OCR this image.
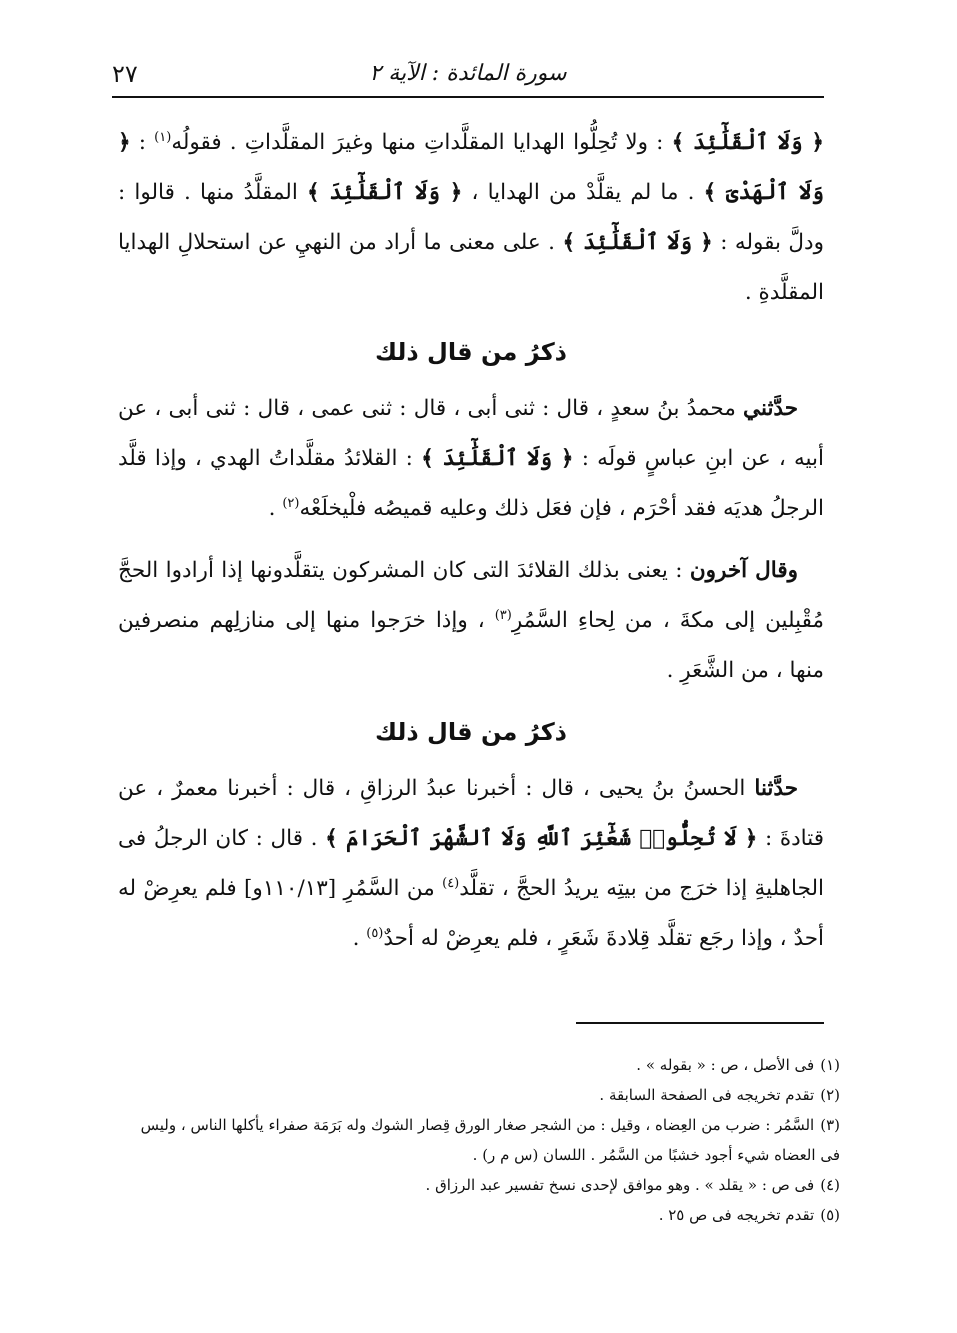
سورة المائدة : الآية ٢
٢٧

﴿ وَلَا ٱلْقَلَٰٓئِدَ ﴾ : ولا تُحِلُّوا الهدايا المقلَّداتِ منها وغيرَ المقلَّداتِ . فقولُه$^{(١)}$ : ﴿ وَلَا ٱلْهَدْىَ ﴾ . ما لم يقلَّدْ من الهدايا ، ﴿ وَلَا ٱلْقَلَٰٓئِدَ ﴾ المقلَّدُ منها . قالوا : ودلَّ بقوله : ﴿ وَلَا ٱلْقَلَٰٓئِدَ ﴾ . على معنى ما أراد من النهيِ عن استحلالِ الهدايا المقلَّدةِ .

ذكرُ من قال ذلك

حدَّثني محمدُ بنُ سعدٍ ، قال : ثنى أبى ، قال : ثنى عمى ، قال : ثنى أبى ، عن أبيه ، عن ابنِ عباسٍ قولَه : ﴿ وَلَا ٱلْقَلَٰٓئِدَ ﴾ : القلائدُ مقلَّداتُ الهدي ، وإذا قلَّد الرجلُ هديَه فقد أحْرَم ، فإن فعَل ذلك وعليه قميصُه فلْيخلَعْه$^{(٢)}$ .

وقال آخرون : يعنى بذلك القلائدَ التى كان المشركون يتقلَّدونها إذا أرادوا الحجَّ مُقْبِلين إلى مكةَ ، من لِحاءِ السَّمُرِ$^{(٣)}$ ، وإذا خرَجوا منها إلى منازلِهم منصرفين منها ، من الشَّعَرِ .

ذكرُ من قال ذلك

حدَّثنا الحسنُ بنُ يحيى ، قال : أخبرنا عبدُ الرزاقِ ، قال : أخبرنا معمرٌ ، عن قتادةَ : ﴿ لَا تُحِلُّوا۟ شَعَٰٓئِرَ ٱللَّهِ وَلَا ٱلشَّهْرَ ٱلْحَرَامَ ﴾ . قال : كان الرجلُ فى الجاهليةِ إذا خرَج من بيتِه يريدُ الحجَّ ، تقلَّد$^{(٤)}$ من السَّمُرِ [١١٠/١٣و] فلم يعرِضْ له أحدٌ ، وإذا رجَع تقلَّد قِلادةَ شَعَرٍ ، فلم يعرِضْ له أحدٌ$^{(٥)}$ .

(١)فى الأصل ، ص : « بقوله » .
(٢)تقدم تخريجه فى الصفحة السابقة .
(٣)السَّمُر : ضرب من العِضاه ، وقيل : من الشجر صغار الورق قِصار الشوك وله بَرَمَة صفراء يأكلها الناس ، وليس فى العضاه شيء أجود خشبًا من السَّمُر . اللسان (س م ر) .
(٤)فى ص : « يقلد » . وهو موافق لإحدى نسخ تفسير عبد الرزاق .
(٥)تقدم تخريجه فى ص ٢٥ .
